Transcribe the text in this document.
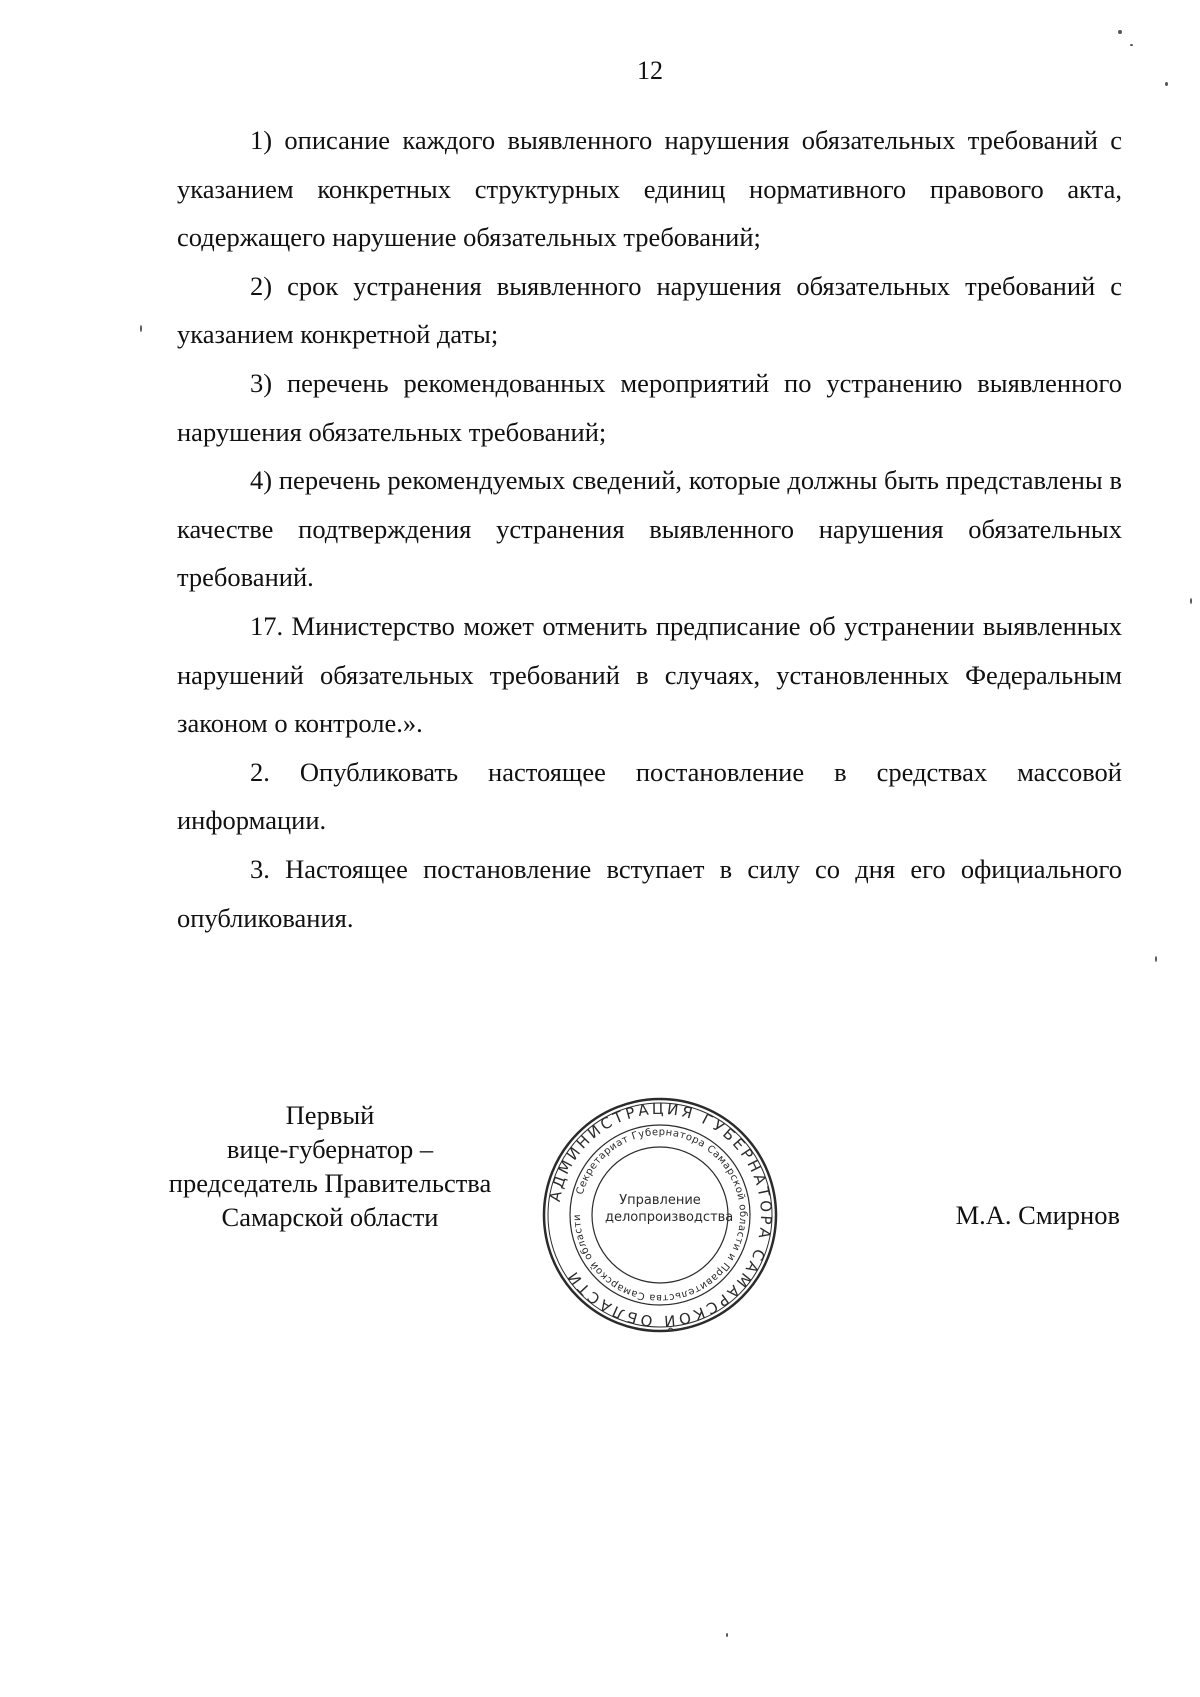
12

1) описание каждого выявленного нарушения обязательных требований с указанием конкретных структурных единиц нормативного правового акта, содержащего нарушение обязательных требований;

2) срок устранения выявленного нарушения обязательных требований с указанием конкретной даты;

3) перечень рекомендованных мероприятий по устранению выявленного нарушения обязательных требований;

4) перечень рекомендуемых сведений, которые должны быть представлены в качестве подтверждения устранения выявленного нарушения обязательных требований.

17. Министерство может отменить предписание об устранении выявленных нарушений обязательных требований в случаях, установленных Федеральным законом о контроле.».

2. Опубликовать настоящее постановление в средствах массовой информации.

3. Настоящее постановление вступает в силу со дня его официального опубликования.

Первый
вице-губернатор –
председатель Правительства
Самарской области
АДМИНИСТРАЦИЯ ГУБЕРНАТОРА САМАРСКОЙ ОБЛАСТИ
Секретариат Губернатора Самарской области и Правительства Самарской области
Управление
делопроизводства	М.А. Смирнов
